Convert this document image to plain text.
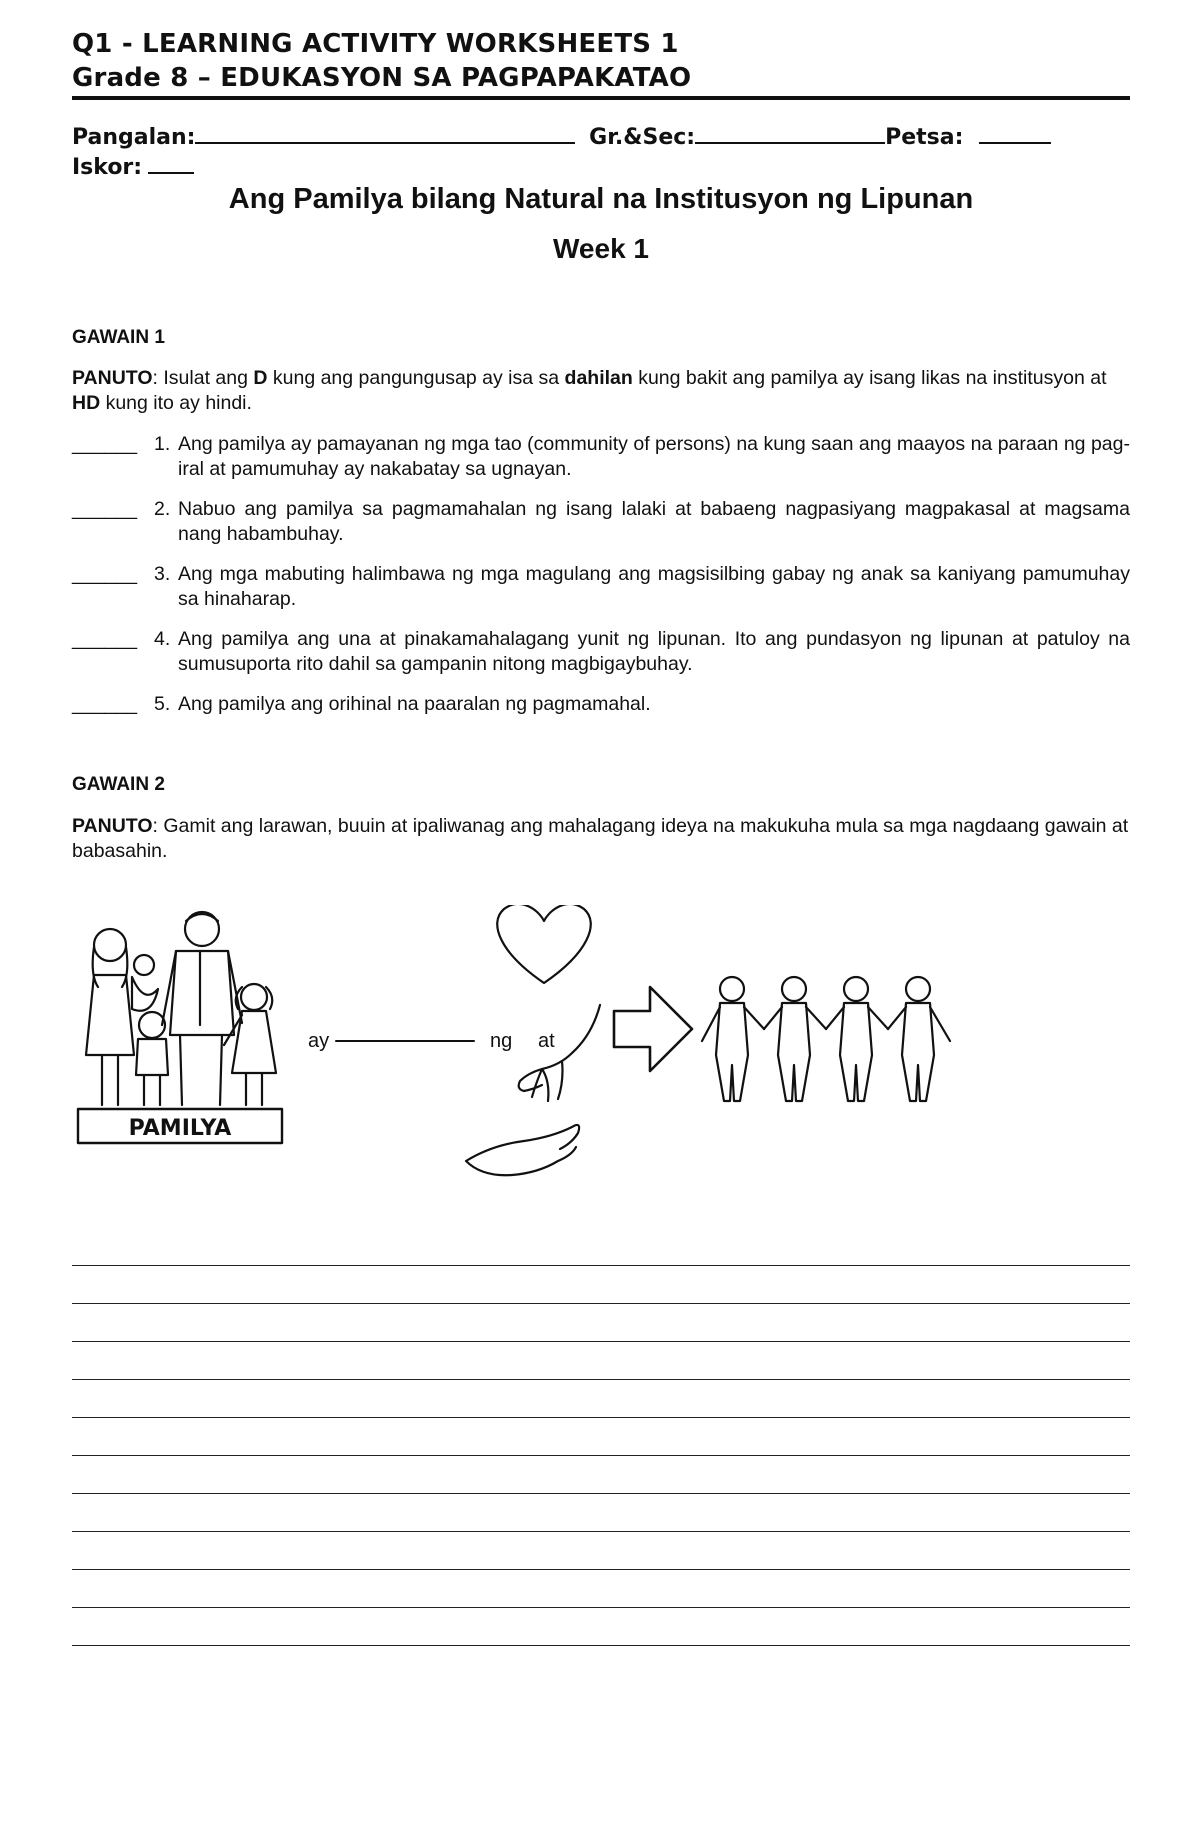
Q1 - LEARNING ACTIVITY WORKSHEETS 1
Grade 8 – EDUKASYON SA PAGPAPAKATAO
Pangalan:	Gr.&Sec:	Petsa:
Iskor:
Ang Pamilya bilang Natural na Institusyon ng Lipunan
Week 1
GAWAIN 1
PANUTO: Isulat ang D kung ang pangungusap ay isa sa dahilan kung bakit ang pamilya ay isang likas na institusyon at HD kung ito ay hindi.
______ 1. Ang pamilya ay pamayanan ng mga tao (community of persons) na kung saan ang maayos na paraan ng pag-iral at pamumuhay ay nakabatay sa ugnayan.
______ 2. Nabuo ang pamilya sa pagmamahalan ng isang lalaki at babaeng nagpasiyang magpakasal at magsama nang habambuhay.
______ 3. Ang mga mabuting halimbawa ng mga magulang ang magsisilbing gabay ng anak sa kaniyang pamumuhay sa hinaharap.
______ 4. Ang pamilya ang una at pinakamahalagang yunit ng lipunan. Ito ang pundasyon ng lipunan at patuloy na sumusuporta rito dahil sa gampanin nitong magbigaybuhay.
______ 5. Ang pamilya ang orihinal na paaralan ng pagmamahal.
GAWAIN 2
PANUTO: Gamit ang larawan, buuin at ipaliwanag ang mahalagang ideya na makukuha mula sa mga nagdaang gawain at babasahin.
PAMILYA
ay	ng at
